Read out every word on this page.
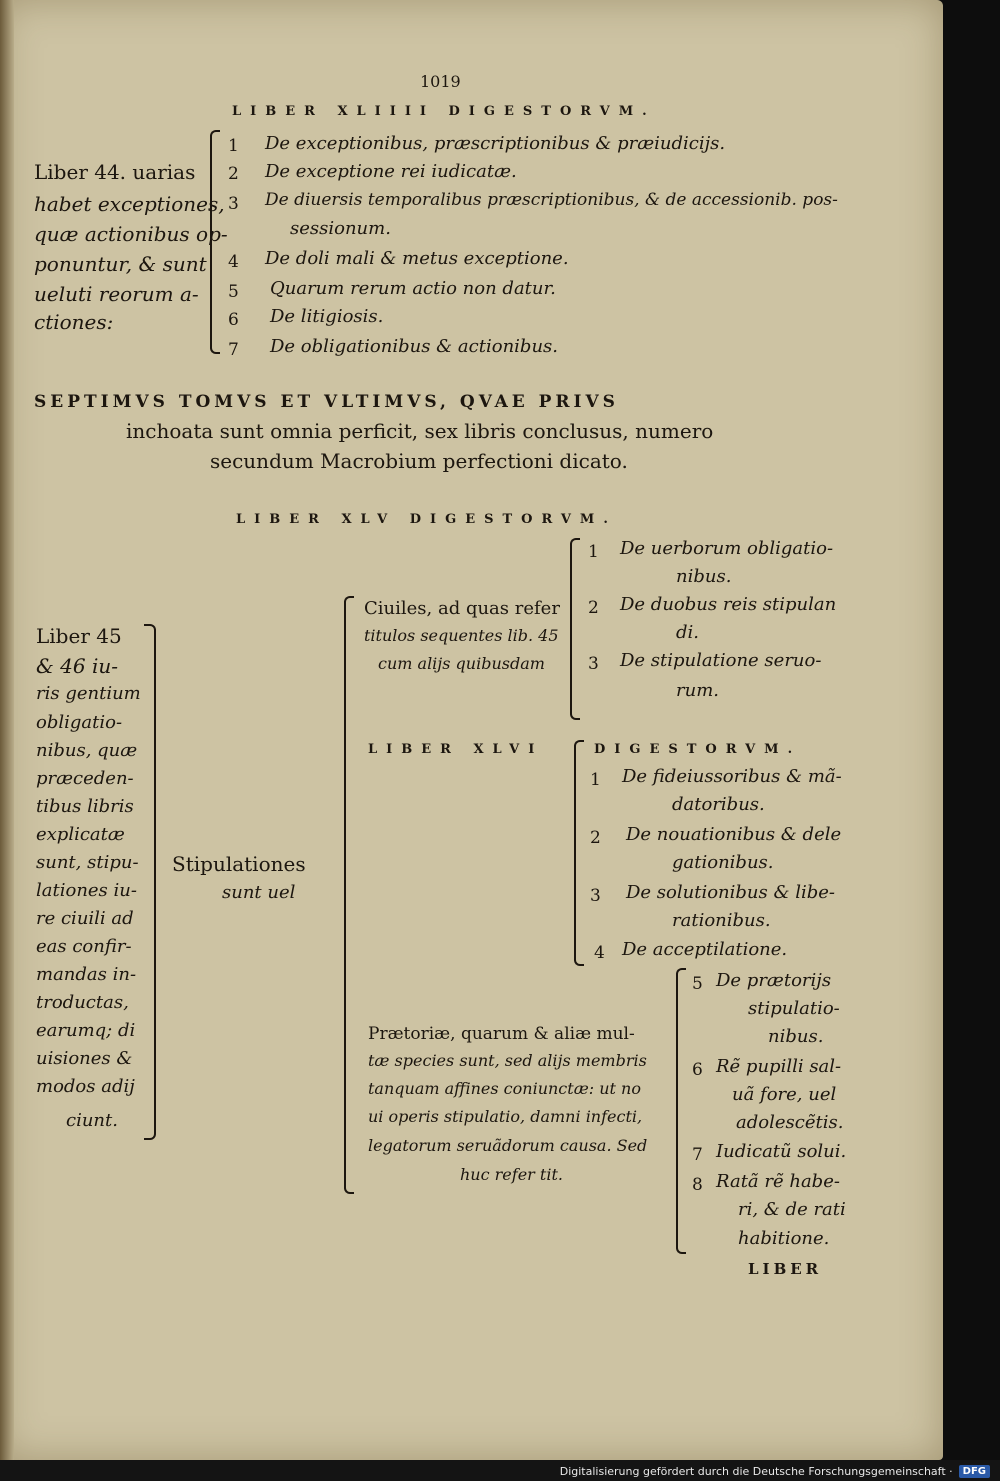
1019
LIBER XLIIII DIGESTORVM.
Liber 44. uarias
habet exceptiones,
quæ actionibus op-
ponuntur, & sunt
ueluti reorum a-
ctiones:
1 De exceptionibus, præscriptionibus & præiudicijs.
2 De exceptione rei iudicatæ.
3 De diuersis temporalibus præscriptionibus, & de accessionib. pos-
sessionum.
4 De doli mali & metus exceptione.
5 Quarum rerum actio non datur.
6 De litigiosis.
7 De obligationibus & actionibus.
SEPTIMVS TOMVS ET VLTIMVS, QVAE PRIVS
inchoata sunt omnia perficit, sex libris conclusus, numero
secundum Macrobium perfectioni dicato.
LIBER XLV DIGESTORVM.
Liber 45
& 46 iu-
ris gentium
obligatio-
nibus, quæ
præceden-
tibus libris
explicatæ
sunt, stipu-
lationes iu-
re ciuili ad
eas confir-
mandas in-
troductas,
earumq; di
uisiones &
modos adij
ciunt.
Stipulationes
sunt uel
Ciuiles, ad quas refer
titulos sequentes lib. 45
cum alijs quibusdam
1 De uerborum obligatio-
nibus.
2 De duobus reis stipulan
di.
3 De stipulatione seruo-
rum.
LIBER XLVI	DIGESTORVM.
1 De fideiussoribus & mã-
datoribus.
2 De nouationibus & dele
gationibus.
3 De solutionibus & libe-
rationibus.
4 De acceptilatione.
Prætoriæ, quarum & aliæ mul-
tæ species sunt, sed alijs membris
tanquam affines coniunctæ: ut no
ui operis stipulatio, damni infecti,
legatorum seruãdorum causa. Sed
huc refer tit.
5 De prætorijs
stipulatio-
nibus.
6 Rẽ pupilli sal-
uã fore, uel
adolescẽtis.
7 Iudicatũ solui.
8 Ratã rẽ habe-
ri, & de rati
habitione.
LIBER
Digitalisierung gefördert durch die Deutsche Forschungsgemeinschaft ·	DFG
